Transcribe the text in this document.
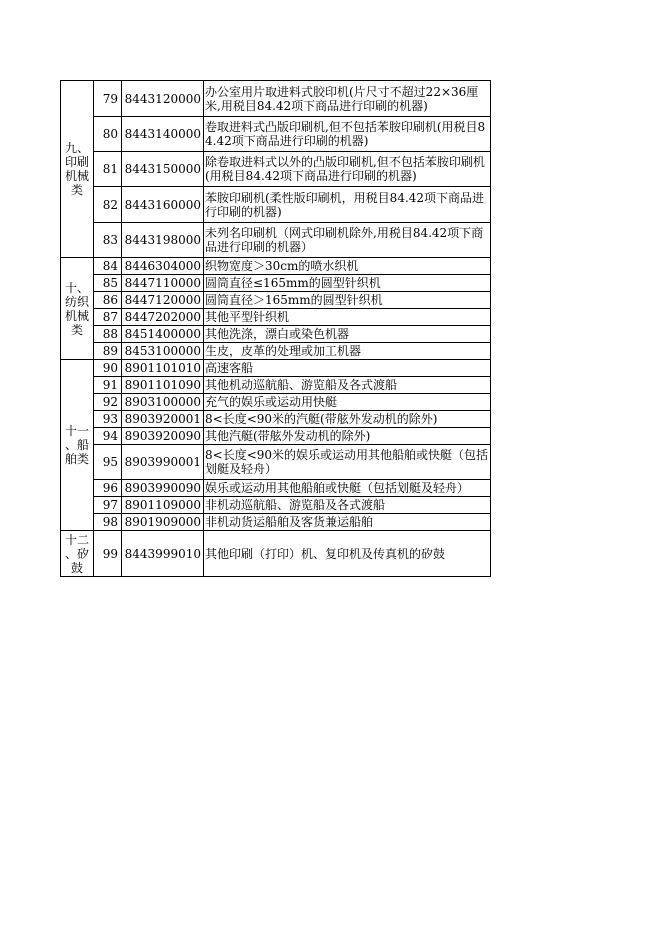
九、
印刷
机械
类	79	8443120000	办公室用片取进料式胶印机(片尺寸不超过22×36厘米,用税目84.42项下商品进行印刷的机器)

	80	8443140000	卷取进料式凸版印刷机,但不包括苯胺印刷机(用税目84.42项下商品进行印刷的机器)

	81	8443150000	除卷取进料式以外的凸版印刷机,但不包括苯胺印刷机(用税目84.42项下商品进行印刷的机器)

	82	8443160000	苯胺印刷机(柔性版印刷机，用税目84.42项下商品进行印刷的机器)

	83	8443198000	未列名印刷机（网式印刷机除外,用税目84.42项下商品进行印刷的机器）

十、
纺织
机械
类	84	8446304000	织物宽度＞30cm的喷水织机

	85	8447110000	圆筒直径≤165mm的圆型针织机

	86	8447120000	圆筒直径＞165mm的圆型针织机

	87	8447202000	其他平型针织机

	88	8451400000	其他洗涤，漂白或染色机器

	89	8453100000	生皮，皮革的处理或加工机器

十一
、船
舶类	90	8901101010	高速客船

	91	8901101090	其他机动巡航船、游览船及各式渡船

	92	8903100000	充气的娱乐或运动用快艇

	93	8903920001	8<长度<90米的汽艇(带舷外发动机的除外)

	94	8903920090	其他汽艇(带舷外发动机的除外)

	95	8903990001	8<长度<90米的娱乐或运动用其他船舶或快艇（包括划艇及轻舟）

	96	8903990090	娱乐或运动用其他船舶或快艇（包括划艇及轻舟）

	97	8901109000	非机动巡航船、游览船及各式渡船

	98	8901909000	非机动货运船舶及客货兼运船舶

十二
、矽
鼓	99	8443999010	其他印刷（打印）机、复印机及传真机的矽鼓
